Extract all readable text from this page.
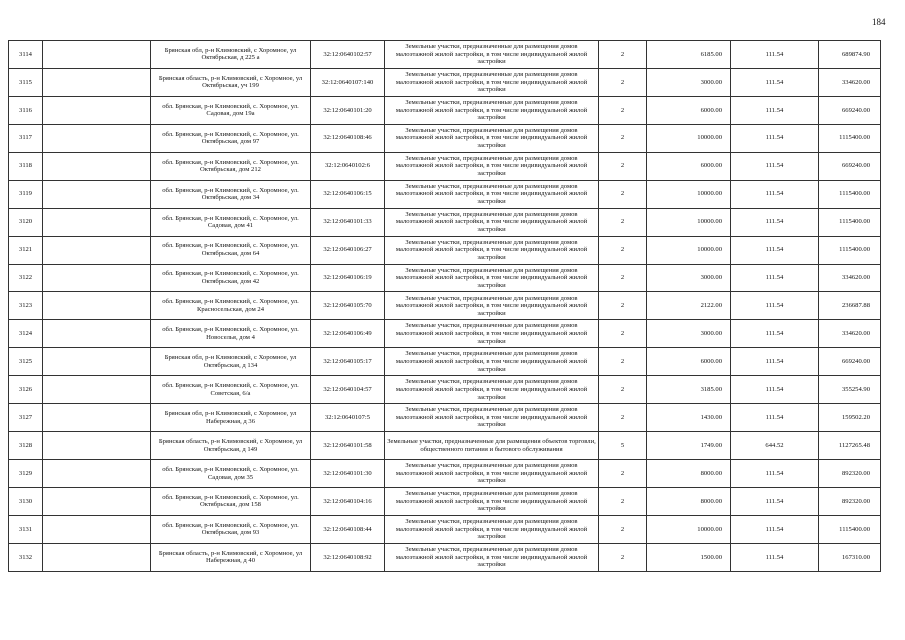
184
3114		Брянская обл, р-н Климовский, с Хоромное, ул Октябрьская, д 225 а	32:12:0640102:57	Земельные участки, предназначенные для размещения домов малоэтажной жилой застройки, в том числе индивидуальной жилой застройки	2	6185.00	111.54	689874.90
3115		Брянская область, р-н Климовский, с Хоромное, ул Октябрьская, уч 199	32:12:0640107:140	Земельные участки, предназначенные для размещения домов малоэтажной жилой застройки, в том числе индивидуальной жилой застройки	2	3000.00	111.54	334620.00
3116		обл. Брянская, р-н Климовский, с. Хоромное, ул. Садовая, дом 19а	32:12:0640101:20	Земельные участки, предназначенные для размещения домов малоэтажной жилой застройки, в том числе индивидуальной жилой застройки	2	6000.00	111.54	669240.00
3117		обл. Брянская, р-н Климовский, с. Хоромное, ул. Октябрьская, дом 97	32:12:0640108:46	Земельные участки, предназначенные для размещения домов малоэтажной жилой застройки, в том числе индивидуальной жилой застройки	2	10000.00	111.54	1115400.00
3118		обл. Брянская, р-н Климовский, с. Хоромное, ул. Октябрьская, дом 212	32:12:0640102:6	Земельные участки, предназначенные для размещения домов малоэтажной жилой застройки, в том числе индивидуальной жилой застройки	2	6000.00	111.54	669240.00
3119		обл. Брянская, р-н Климовский, с. Хоромное, ул. Октябрьская, дом 34	32:12:0640106:15	Земельные участки, предназначенные для размещения домов малоэтажной жилой застройки, в том числе индивидуальной жилой застройки	2	10000.00	111.54	1115400.00
3120		обл. Брянская, р-н Климовский, с. Хоромное, ул. Садовая, дом 41	32:12:0640101:33	Земельные участки, предназначенные для размещения домов малоэтажной жилой застройки, в том числе индивидуальной жилой застройки	2	10000.00	111.54	1115400.00
3121		обл. Брянская, р-н Климовский, с. Хоромное, ул. Октябрьская, дом 64	32:12:0640106:27	Земельные участки, предназначенные для размещения домов малоэтажной жилой застройки, в том числе индивидуальной жилой застройки	2	10000.00	111.54	1115400.00
3122		обл. Брянская, р-н Климовский, с. Хоромное, ул. Октябрьская, дом 42	32:12:0640106:19	Земельные участки, предназначенные для размещения домов малоэтажной жилой застройки, в том числе индивидуальной жилой застройки	2	3000.00	111.54	334620.00
3123		обл. Брянская, р-н Климовский, с. Хоромное, ул. Красносельская, дом 24	32:12:0640105:70	Земельные участки, предназначенные для размещения домов малоэтажной жилой застройки, в том числе индивидуальной жилой застройки	2	2122.00	111.54	236687.88
3124		обл. Брянская, р-н Климовский, с. Хоромное, ул. Новоселья, дом 4	32:12:0640106:49	Земельные участки, предназначенные для размещения домов малоэтажной жилой застройки, в том числе индивидуальной жилой застройки	2	3000.00	111.54	334620.00
3125		Брянская обл, р-н Климовский, с Хоромное, ул Октябрьская, д 134	32:12:0640105:17	Земельные участки, предназначенные для размещения домов малоэтажной жилой застройки, в том числе индивидуальной жилой застройки	2	6000.00	111.54	669240.00
3126		обл. Брянская, р-н Климовский, с. Хоромное, ул. Советская, 6/а	32:12:0640104:57	Земельные участки, предназначенные для размещения домов малоэтажной жилой застройки, в том числе индивидуальной жилой застройки	2	3185.00	111.54	355254.90
3127		Брянская обл, р-н Климовский, с Хоромное, ул Набережная, д 36	32:12:0640107:5	Земельные участки, предназначенные для размещения домов малоэтажной жилой застройки, в том числе индивидуальной жилой застройки	2	1430.00	111.54	159502.20
3128		Брянская область, р-н Климовский, с Хоромное, ул Октябрьская, д 149	32:12:0640101:58	Земельные участки, предназначенные для размещения объектов торговли, общественного питания и бытового обслуживания	5	1749.00	644.52	1127265.48
3129		обл. Брянская, р-н Климовский, с. Хоромное, ул. Садовая, дом 35	32:12:0640101:30	Земельные участки, предназначенные для размещения домов малоэтажной жилой застройки, в том числе индивидуальной жилой застройки	2	8000.00	111.54	892320.00
3130		обл. Брянская, р-н Климовский, с. Хоромное, ул. Октябрьская, дом 158	32:12:0640104:16	Земельные участки, предназначенные для размещения домов малоэтажной жилой застройки, в том числе индивидуальной жилой застройки	2	8000.00	111.54	892320.00
3131		обл. Брянская, р-н Климовский, с. Хоромное, ул. Октябрьская, дом 93	32:12:0640108:44	Земельные участки, предназначенные для размещения домов малоэтажной жилой застройки, в том числе индивидуальной жилой застройки	2	10000.00	111.54	1115400.00
3132		Брянская область, р-н Климовский, с Хоромное, ул Набережная, д 40	32:12:0640108:92	Земельные участки, предназначенные для размещения домов малоэтажной жилой застройки, в том числе индивидуальной жилой застройки	2	1500.00	111.54	167310.00
